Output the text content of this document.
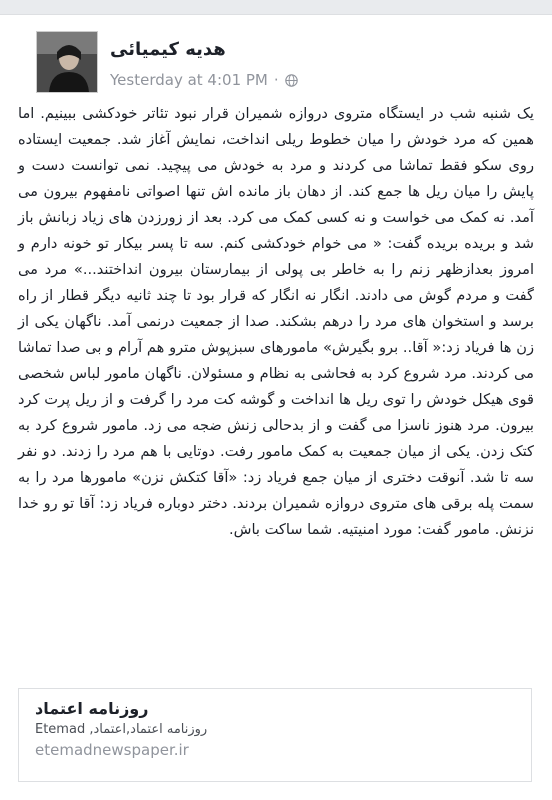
هدیه کیمیائی
Yesterday at 4:01 PM ·
یک شنبه شب در ایستگاه متروی دروازه شمیران قرار نبود تئاتر خودکشی ببینیم. اما همین که مرد خودش را میان خطوط ریلی انداخت، نمایش آغاز شد. جمعیت ایستاده روی سکو فقط تماشا می کردند و مرد به خودش می پیچید. نمی توانست دست و پایش را میان ریل ها جمع کند. از دهان باز مانده اش تنها اصواتی نامفهوم بیرون می آمد. نه کمک می خواست و نه کسی کمک می کرد. بعد از زورزدن های زیاد زبانش باز شد و بریده بریده گفت: « می خوام خودکشی کنم. سه تا پسر بیکار تو خونه دارم و امروز بعدازظهر زنم را به خاطر بی پولی از بیمارستان بیرون انداختند...» مرد می گفت و مردم گوش می دادند. انگار نه انگار که قرار بود تا چند ثانیه دیگر قطار از راه برسد و استخوان های مرد را درهم بشکند. صدا از جمعیت درنمی آمد. ناگهان یکی از زن ها فریاد زد:« آقا.. برو بگیرش» مامورهای سبزپوش مترو هم آرام و بی صدا تماشا می کردند. مرد شروع کرد به فحاشی به نظام و مسئولان. ناگهان مامور لباس شخصی قوی هیکل خودش را توی ریل ها انداخت و گوشه کت مرد را گرفت و از ریل پرت کرد بیرون. مرد هنوز ناسزا می گفت و از بدحالی زنش ضجه می زد. مامور شروع کرد به کتک زدن. یکی از میان جمعیت به کمک مامور رفت. دوتایی با هم مرد را زدند. دو نفر سه تا شد. آنوقت دختری از میان جمع فریاد زد: «آقا کتکش نزن» مامورها مرد را به سمت پله برقی های متروی دروازه شمیران بردند. دختر دوباره فریاد زد: آقا تو رو خدا نزنش. مامور گفت: مورد امنیتیه. شما ساکت باش.
روزنامه اعتماد
روزنامه اعتماد,اعتماد, Etemad
etemadnewspaper.ir
